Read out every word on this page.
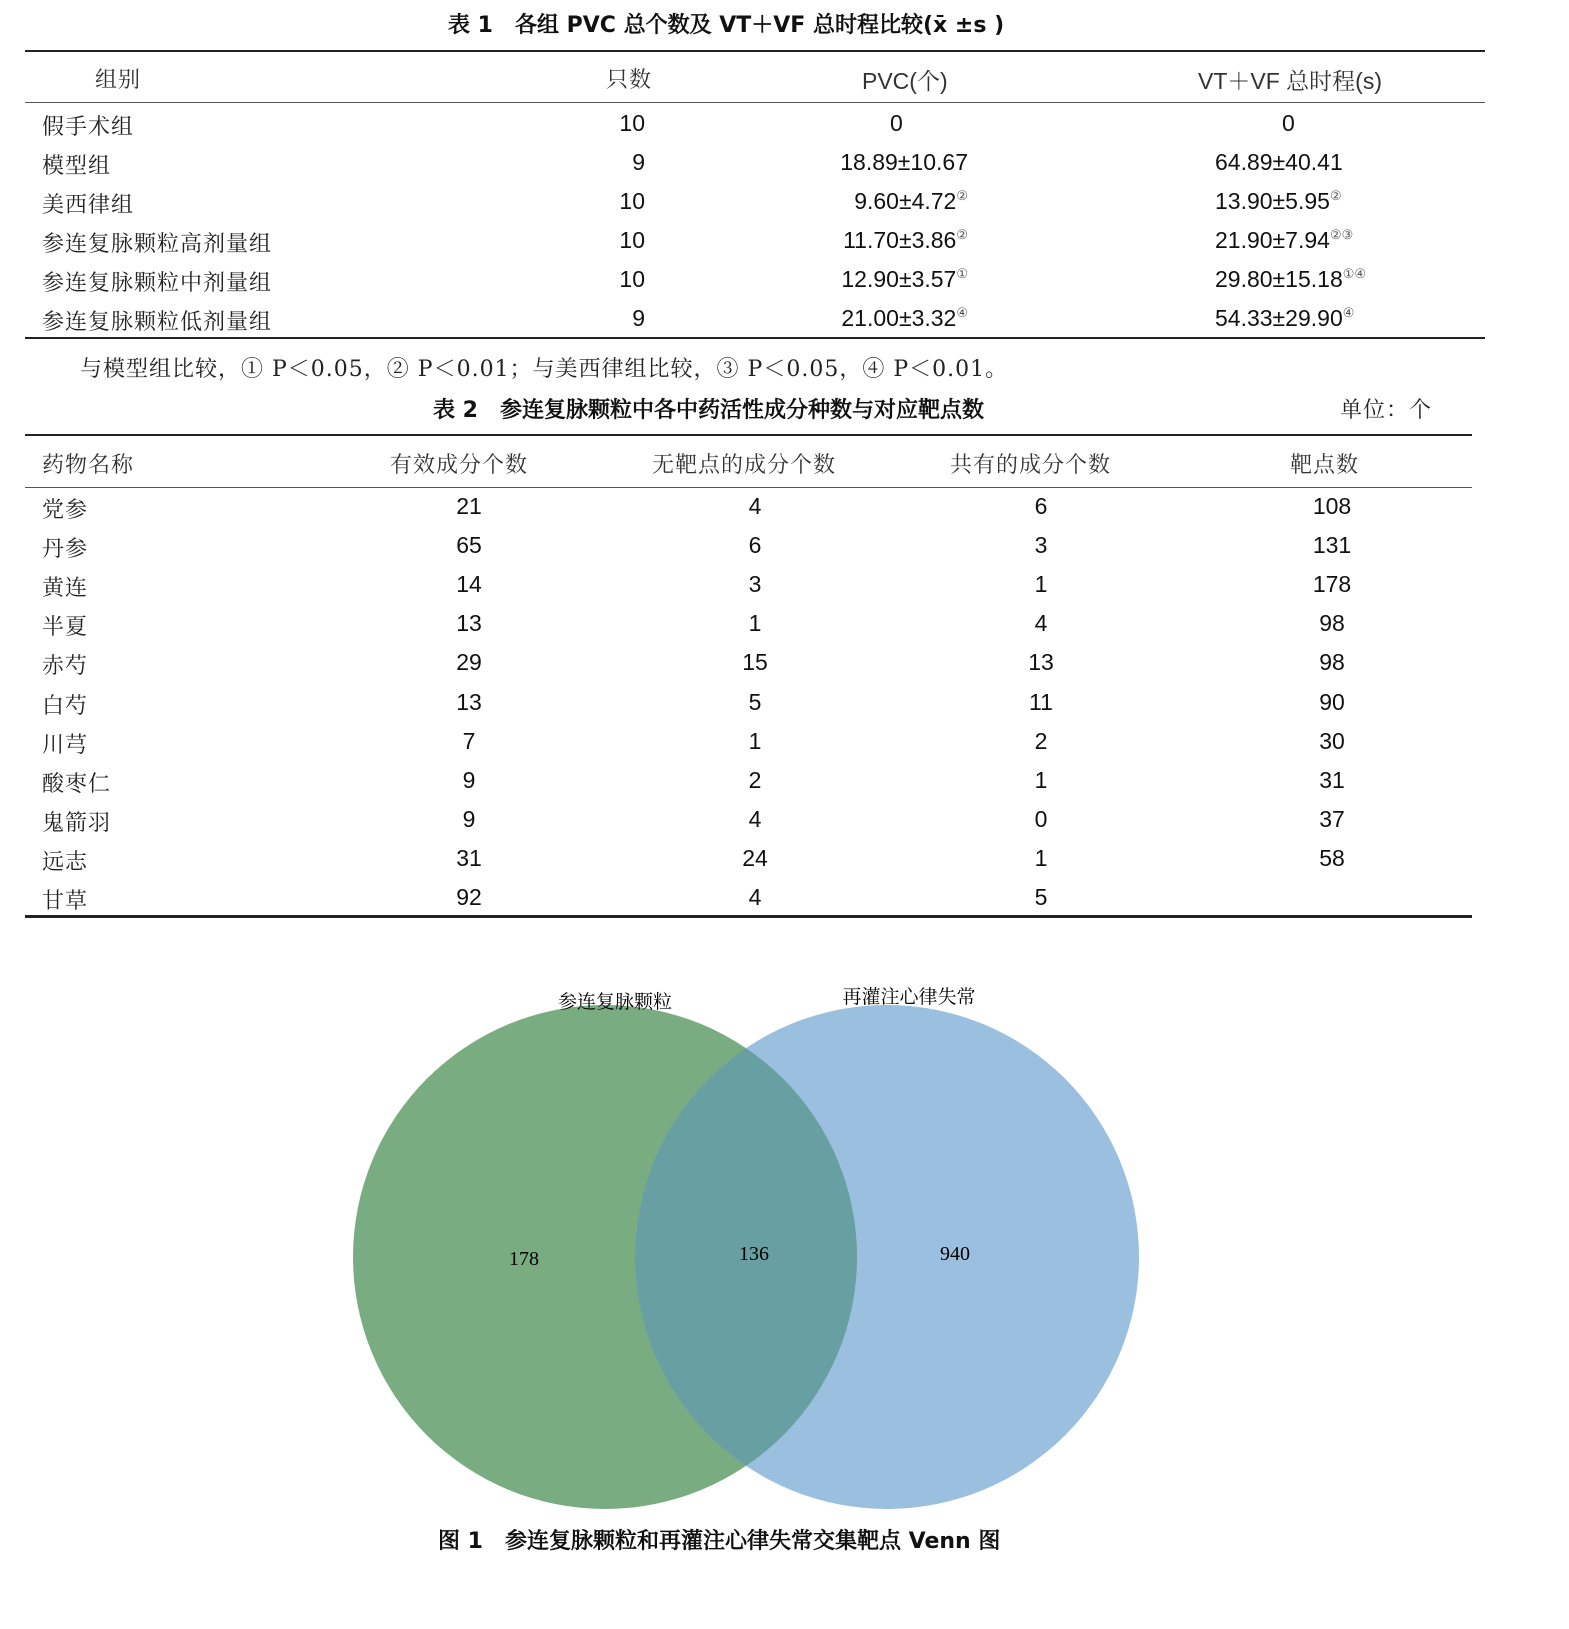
表 1　各组 PVC 总个数及 VT＋VF 总时程比较(x̄ ±s )
组别	只数	PVC(个)	VT＋VF 总时程(s)
假手术组	10	0	0
模型组	9	18.89±10.67	64.89±40.41
美西律组	10	9.60±4.72②	13.90±5.95②
参连复脉颗粒高剂量组	10	11.70±3.86②	21.90±7.94②③
参连复脉颗粒中剂量组	10	12.90±3.57①	29.80±15.18①④
参连复脉颗粒低剂量组	9	21.00±3.32④	54.33±29.90④
与模型组比较，① P＜0.05，② P＜0.01；与美西律组比较，③ P＜0.05，④ P＜0.01。
表 2　参连复脉颗粒中各中药活性成分种数与对应靶点数	单位：个
药物名称	有效成分个数	无靶点的成分个数	共有的成分个数	靶点数
党参	21	4	6	108
丹参	65	6	3	131
黄连	14	3	1	178
半夏	13	1	4	98
赤芍	29	15	13	98
白芍	13	5	11	90
川芎	7	1	2	30
酸枣仁	9	2	1	31
鬼箭羽	9	4	0	37
远志	31	24	1	58
甘草	92	4	5
参连复脉颗粒	再灌注心律失常
178	136	940
图 1　参连复脉颗粒和再灌注心律失常交集靶点 Venn 图
